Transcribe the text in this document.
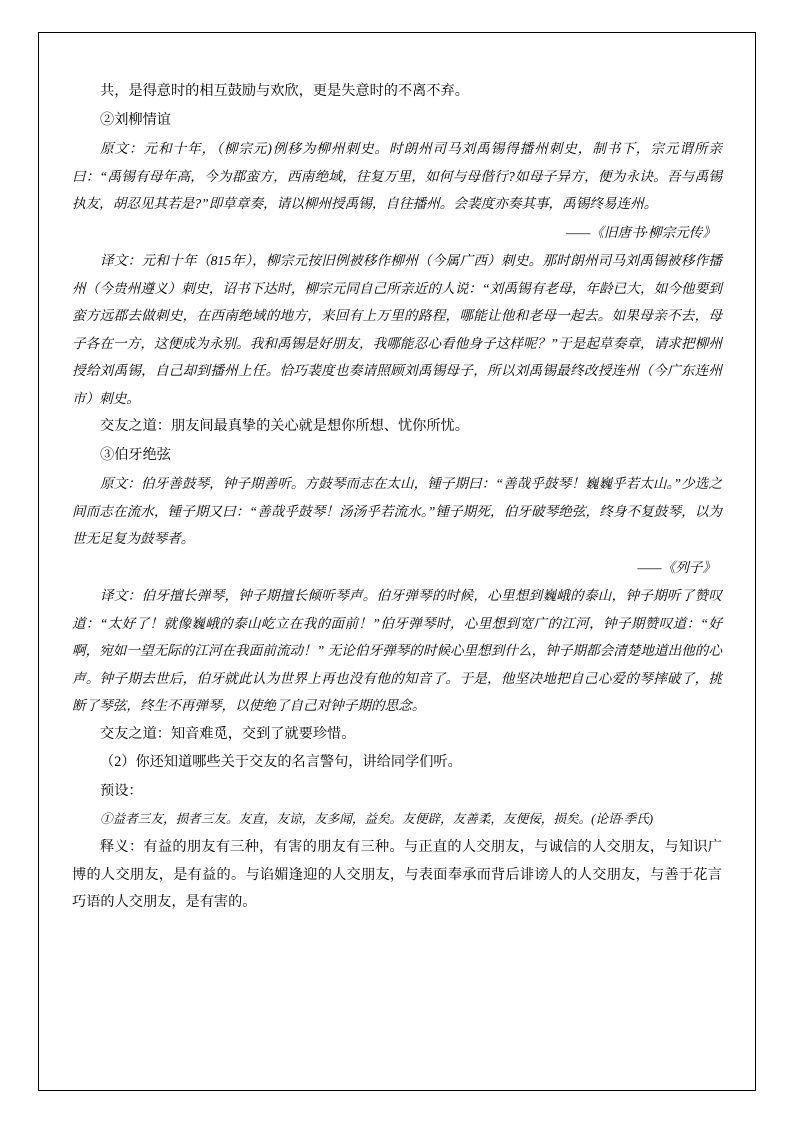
共，是得意时的相互鼓励与欢欣，更是失意时的不离不弃。

②刘柳情谊

原文：元和十年，（柳宗元)例移为柳州刺史。时朗州司马刘禹锡得播州刺史，制书下，宗元谓所亲曰：“禹锡有母年高，今为郡蛮方，西南绝域，往复万里，如何与母偕行?如母子异方，便为永诀。吾与禹锡执友，胡忍见其若是?”即草章奏，请以柳州授禹锡，自往播州。会裴度亦奏其事，禹锡终易连州。

——《旧唐书·柳宗元传》

译文：元和十年（815年），柳宗元按旧例被移作柳州（今属广西）刺史。那时朗州司马刘禹锡被移作播州（今贵州遵义）刺史，诏书下达时，柳宗元同自己所亲近的人说：“刘禹锡有老母，年龄已大，如今他要到蛮方远郡去做刺史，在西南绝域的地方，来回有上万里的路程，哪能让他和老母一起去。如果母亲不去，母子各在一方，这便成为永别。我和禹锡是好朋友，我哪能忍心看他身子这样呢？”于是起草奏章，请求把柳州授给刘禹锡，自己却到播州上任。恰巧裴度也奏请照顾刘禹锡母子，所以刘禹锡最终改授连州（今广东连州市）刺史。

交友之道：朋友间最真挚的关心就是想你所想、忧你所忧。

③伯牙绝弦

原文：伯牙善鼓琴，钟子期善听。方鼓琴而志在太山，锺子期曰：“善哉乎鼓琴！巍巍乎若太山。”少选之间而志在流水，锺子期又曰：“善哉乎鼓琴！汤汤乎若流水。”锺子期死，伯牙破琴绝弦，终身不复鼓琴，以为世无足复为鼓琴者。

——《列子》

译文：伯牙擅长弹琴，钟子期擅长倾听琴声。伯牙弹琴的时候，心里想到巍峨的泰山，钟子期听了赞叹道：“太好了！就像巍峨的泰山屹立在我的面前！”伯牙弹琴时，心里想到宽广的江河，钟子期赞叹道：“好啊，宛如一望无际的江河在我面前流动！” 无论伯牙弹琴的时候心里想到什么，钟子期都会清楚地道出他的心声。钟子期去世后，伯牙就此认为世界上再也没有他的知音了。于是，他坚决地把自己心爱的琴摔破了，挑断了琴弦，终生不再弹琴，以使绝了自己对钟子期的思念。

交友之道：知音难觅，交到了就要珍惜。

（2）你还知道哪些关于交友的名言警句，讲给同学们听。

预设：

①益者三友，损者三友。友直，友谅，友多闻，益矣。友便辟，友善柔，友便佞，损矣。(论语·季氏)

释义：有益的朋友有三种，有害的朋友有三种。与正直的人交朋友，与诚信的人交朋友，与知识广博的人交朋友，是有益的。与谄媚逢迎的人交朋友，与表面奉承而背后诽谤人的人交朋友，与善于花言巧语的人交朋友，是有害的。
